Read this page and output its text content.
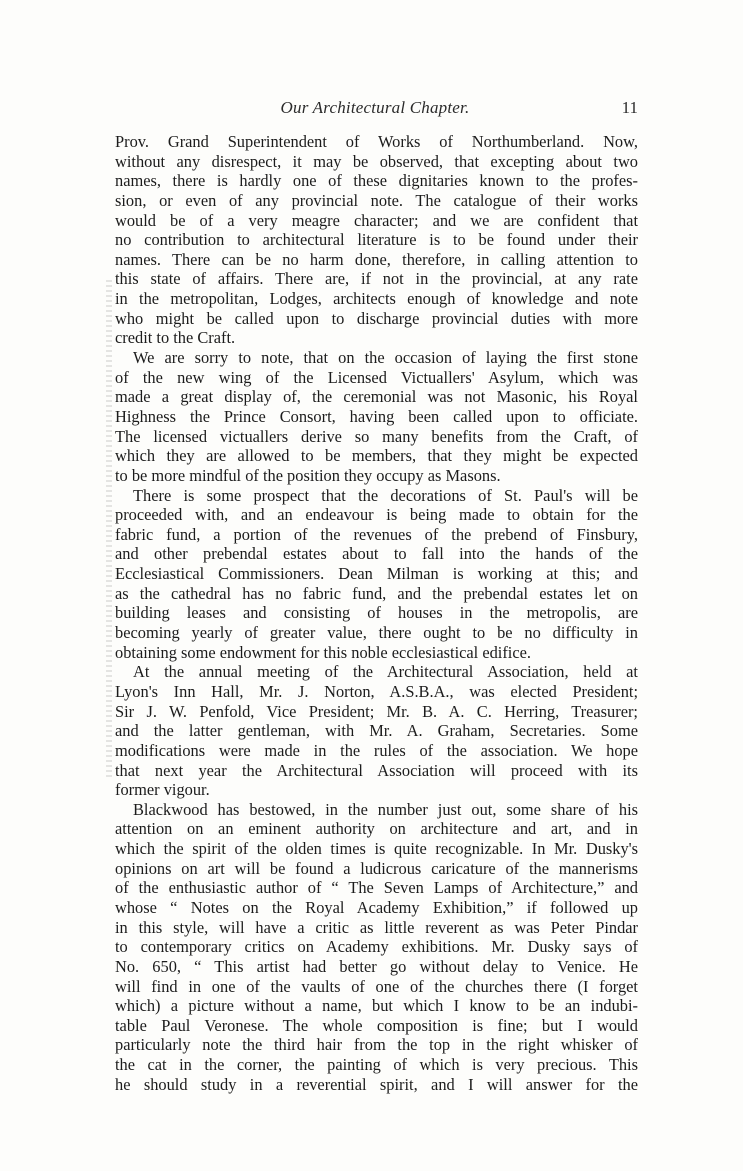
Our Architectural Chapter.	11
Prov. Grand Superintendent of Works of Northumberland. Now,
without any disrespect, it may be observed, that excepting about two
names, there is hardly one of these dignitaries known to the profes-
sion, or even of any provincial note. The catalogue of their works
would be of a very meagre character; and we are confident that
no contribution to architectural literature is to be found under their
names. There can be no harm done, therefore, in calling attention to
this state of affairs. There are, if not in the provincial, at any rate
in the metropolitan, Lodges, architects enough of knowledge and note
who might be called upon to discharge provincial duties with more
credit to the Craft.
We are sorry to note, that on the occasion of laying the first stone
of the new wing of the Licensed Victuallers' Asylum, which was
made a great display of, the ceremonial was not Masonic, his Royal
Highness the Prince Consort, having been called upon to officiate.
The licensed victuallers derive so many benefits from the Craft, of
which they are allowed to be members, that they might be expected
to be more mindful of the position they occupy as Masons.
There is some prospect that the decorations of St. Paul's will be
proceeded with, and an endeavour is being made to obtain for the
fabric fund, a portion of the revenues of the prebend of Finsbury,
and other prebendal estates about to fall into the hands of the
Ecclesiastical Commissioners. Dean Milman is working at this; and
as the cathedral has no fabric fund, and the prebendal estates let on
building leases and consisting of houses in the metropolis, are
becoming yearly of greater value, there ought to be no difficulty in
obtaining some endowment for this noble ecclesiastical edifice.
At the annual meeting of the Architectural Association, held at
Lyon's Inn Hall, Mr. J. Norton, A.S.B.A., was elected President;
Sir J. W. Penfold, Vice President; Mr. B. A. C. Herring, Treasurer;
and the latter gentleman, with Mr. A. Graham, Secretaries. Some
modifications were made in the rules of the association. We hope
that next year the Architectural Association will proceed with its
former vigour.
Blackwood has bestowed, in the number just out, some share of his
attention on an eminent authority on architecture and art, and in
which the spirit of the olden times is quite recognizable. In Mr. Dusky's
opinions on art will be found a ludicrous caricature of the mannerisms
of the enthusiastic author of “ The Seven Lamps of Architecture,” and
whose “ Notes on the Royal Academy Exhibition,” if followed up
in this style, will have a critic as little reverent as was Peter Pindar
to contemporary critics on Academy exhibitions. Mr. Dusky says of
No. 650, “ This artist had better go without delay to Venice. He
will find in one of the vaults of one of the churches there (I forget
which) a picture without a name, but which I know to be an indubi-
table Paul Veronese. The whole composition is fine; but I would
particularly note the third hair from the top in the right whisker of
the cat in the corner, the painting of which is very precious. This
he should study in a reverential spirit, and I will answer for the
